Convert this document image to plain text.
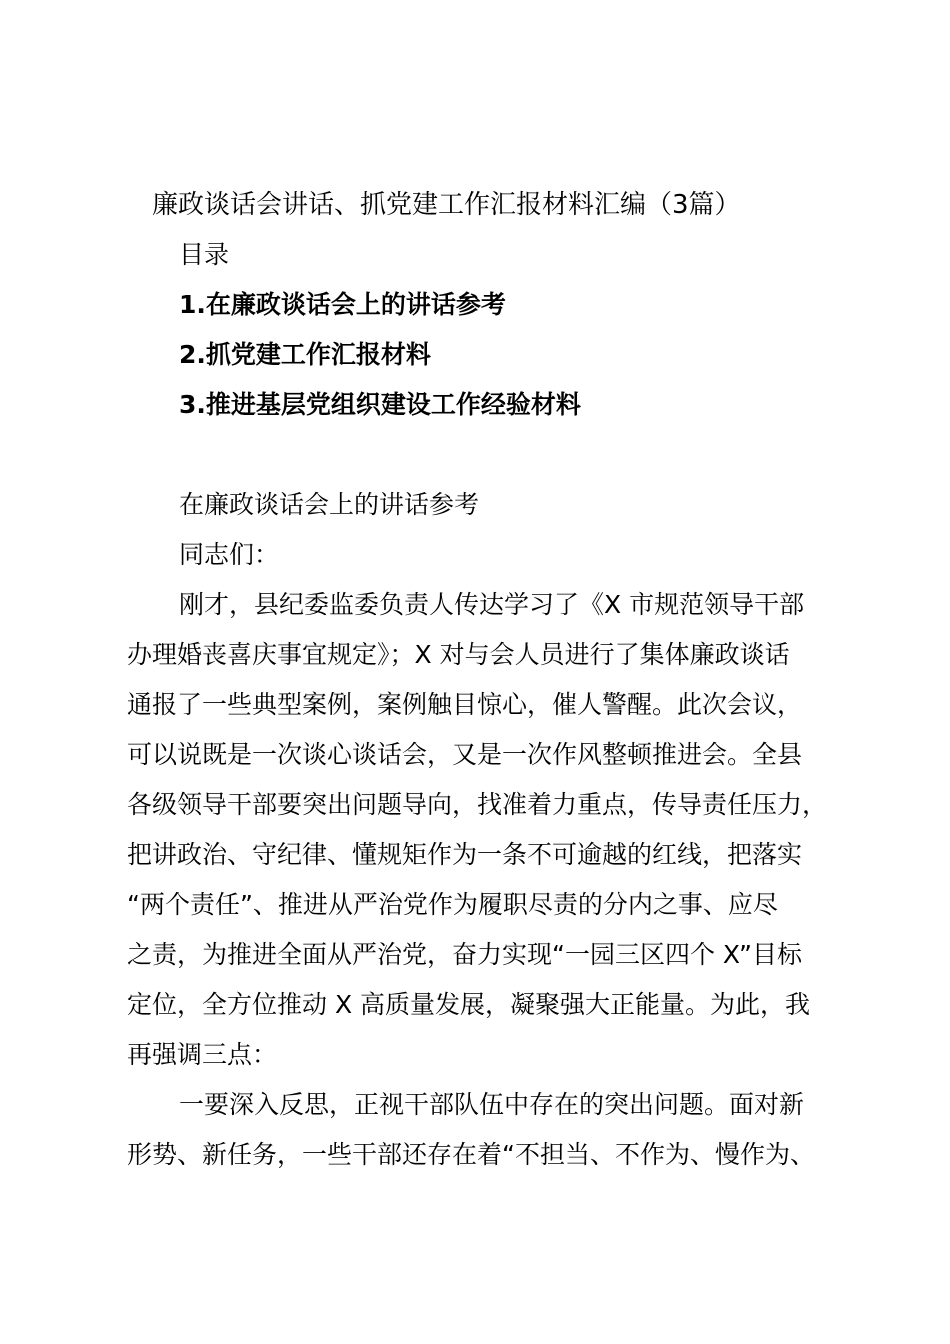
廉政谈话会讲话、抓党建工作汇报材料汇编（3篇）
目录
1.在廉政谈话会上的讲话参考
2.抓党建工作汇报材料
3.推进基层党组织建设工作经验材料
在廉政谈话会上的讲话参考
同志们：
刚才，县纪委监委负责人传达学习了《X 市规范领导干部
办理婚丧喜庆事宜规定》；X 对与会人员进行了集体廉政谈话
通报了一些典型案例，案例触目惊心，催人警醒。此次会议，
可以说既是一次谈心谈话会，又是一次作风整顿推进会。全县
各级领导干部要突出问题导向，找准着力重点，传导责任压力，
把讲政治、守纪律、懂规矩作为一条不可逾越的红线，把落实
“两个责任”、推进从严治党作为履职尽责的分内之事、应尽
之责，为推进全面从严治党，奋力实现“一园三区四个 X”目标
定位，全方位推动 X 高质量发展，凝聚强大正能量。为此，我
再强调三点：
一要深入反思，正视干部队伍中存在的突出问题。面对新
形势、新任务，一些干部还存在着“不担当、不作为、慢作为、
